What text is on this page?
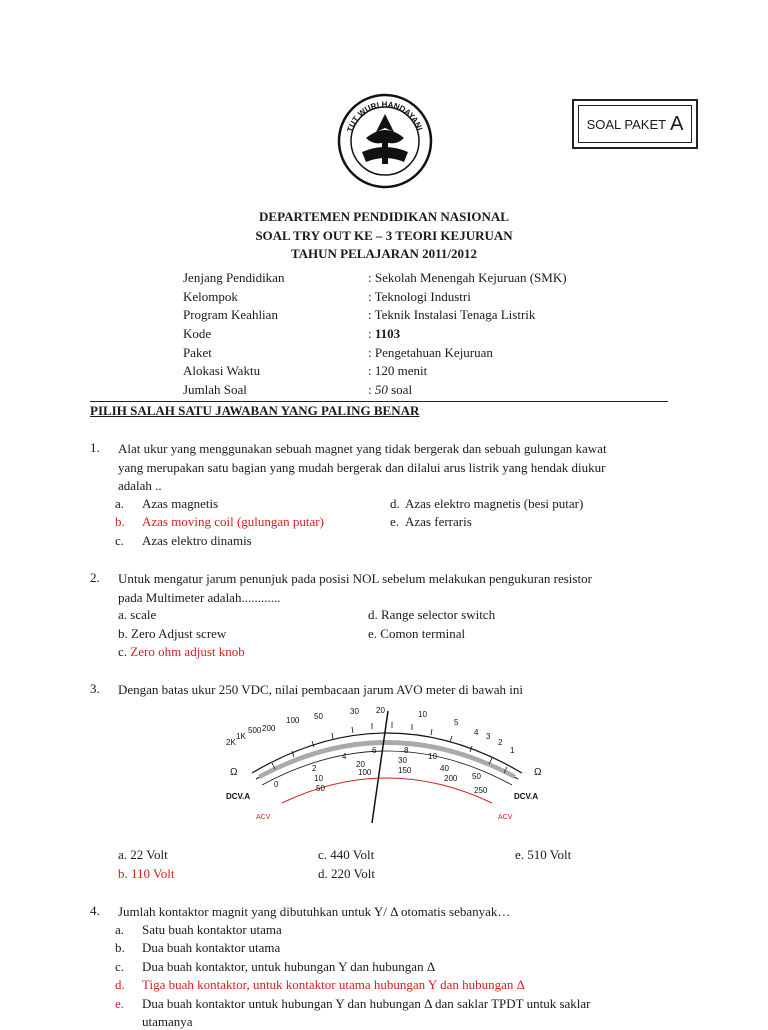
TUT WURI HANDAYANI	SOAL PAKET A
DEPARTEMEN PENDIDIKAN NASIONAL
SOAL TRY OUT KE – 3 TEORI KEJURUAN
TAHUN PELAJARAN 2011/2012
Jenjang Pendidikan	: Sekolah Menengah Kejuruan (SMK)
Kelompok	: Teknologi Industri
Program Keahlian	: Teknik Instalasi Tenaga Listrik
Kode	: 1103
Paket	: Pengetahuan Kejuruan
Alokasi Waktu	: 120 menit
Jumlah Soal	: 50 soal
PILIH SALAH SATU JAWABAN YANG PALING BENAR
1. Alat ukur yang menggunakan sebuah magnet yang tidak bergerak dan sebuah gulungan kawat
yang merupakan satu bagian yang mudah bergerak dan dilalui arus listrik yang hendak diukur
adalah ..
a. Azas magnetis
b. Azas moving coil (gulungan putar)
c. Azas elektro dinamis
d. Azas elektro magnetis (besi putar)
e. Azas ferraris
2. Untuk mengatur jarum penunjuk pada posisi NOL sebelum melakukan pengukuran resistor
pada Multimeter adalah............
a. scale
b. Zero Adjust screw
c. Zero ohm adjust knob
d. Range selector switch
e. Comon terminal
3. Dengan batas ukur 250 VDC, nilai pembacaan jarum AVO meter di bawah ini
2K
1K
500 200
100 50
30 20	10
5
4 3
2
1
0
2
4
6	8
10
10
20	30
40
50
50
100	150
200
250
Ω	Ω
DCV.A	DCV.A
ACV	ACV
a. 22 Volt
b. 110 Volt
c. 440 Volt
d. 220 Volt
e. 510 Volt
4. Jumlah kontaktor magnit yang dibutuhkan untuk Y/ Δ otomatis sebanyak…
a. Satu buah kontaktor utama
b. Dua buah kontaktor utama
c. Dua buah kontaktor, untuk hubungan Y dan hubungan Δ
d. Tiga buah kontaktor, untuk kontaktor utama hubungan Y dan hubungan Δ
e. Dua buah kontaktor untuk hubungan Y dan hubungan Δ dan saklar TPDT untuk saklar
utamanya
